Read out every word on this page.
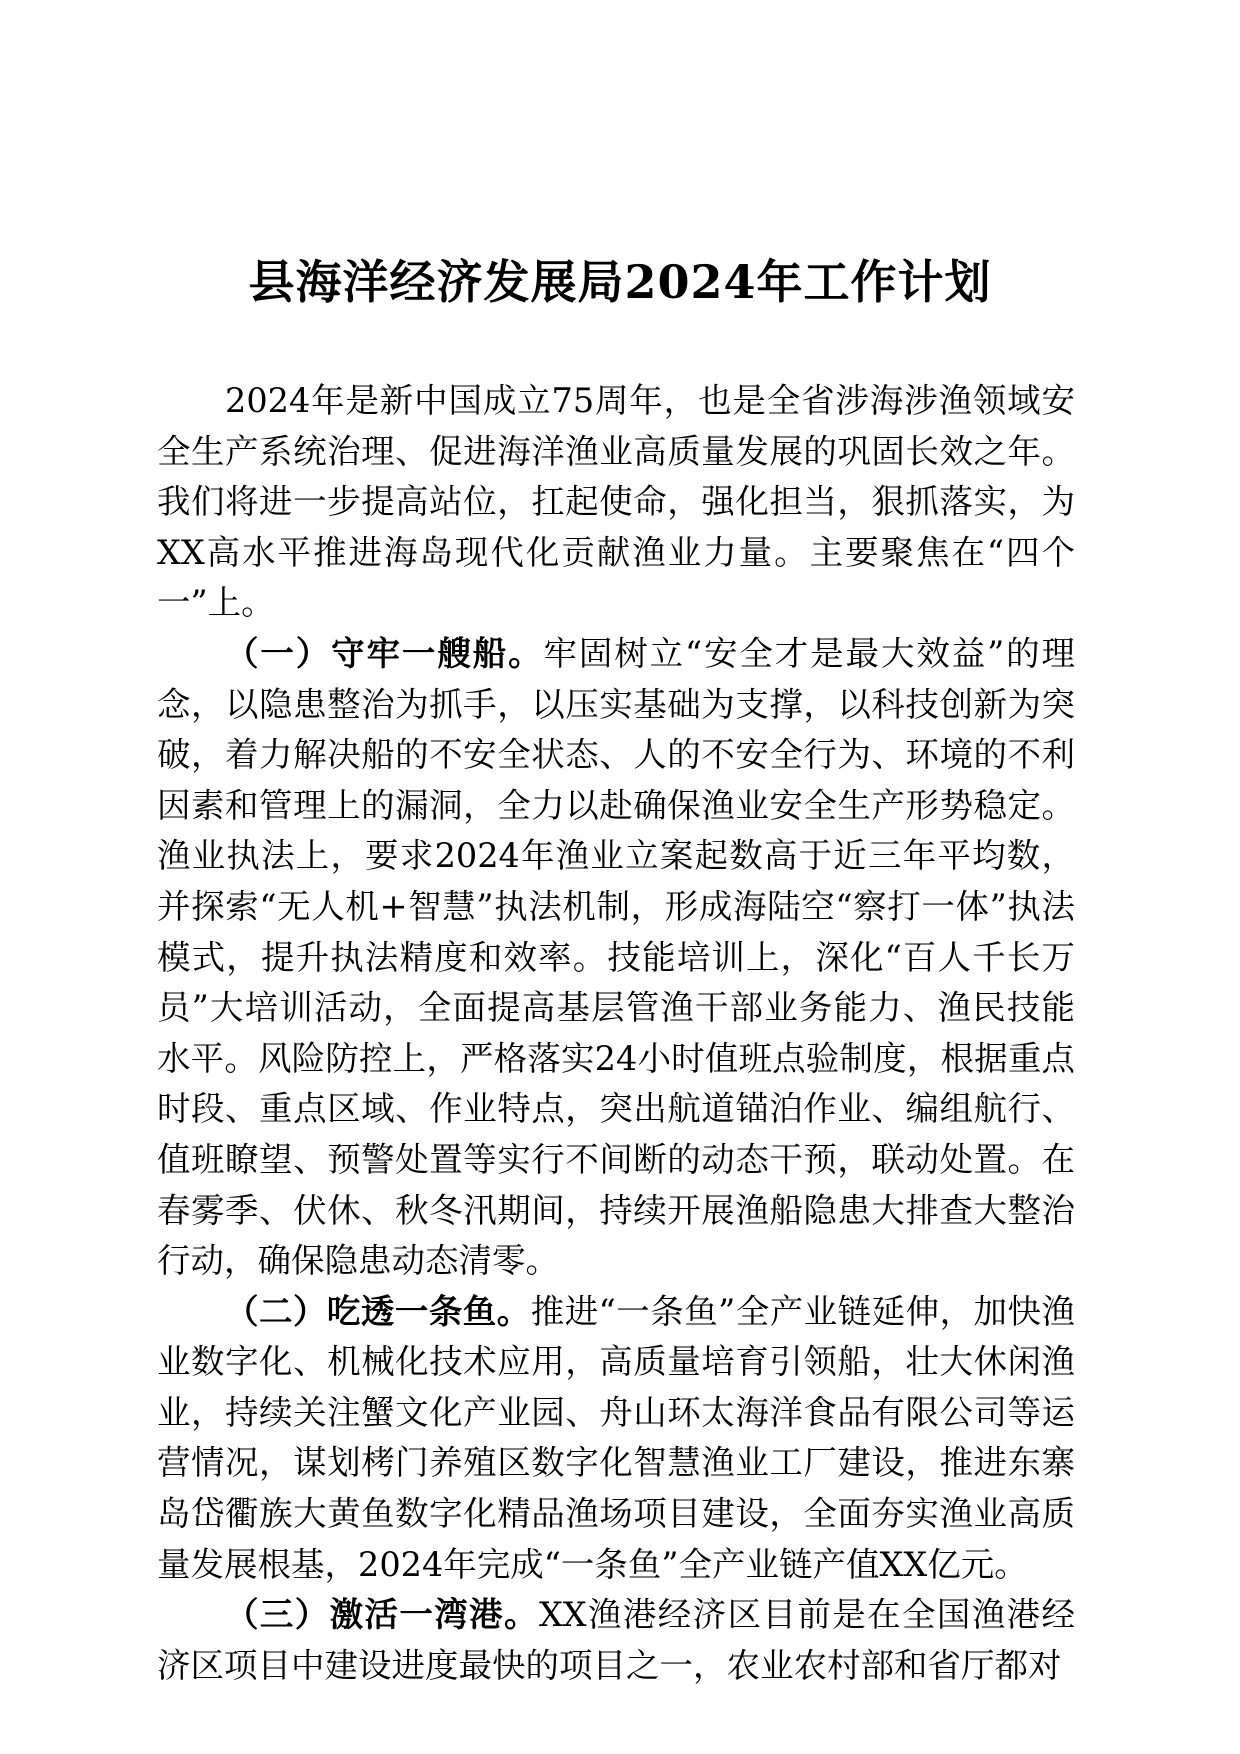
县海洋经济发展局2024年工作计划

2024年是新中国成立75周年，也是全省涉海涉渔领域安全生产系统治理、促进海洋渔业高质量发展的巩固长效之年。我们将进一步提高站位，扛起使命，强化担当，狠抓落实，为XX高水平推进海岛现代化贡献渔业力量。主要聚焦在“四个一”上。

（一）守牢一艘船。牢固树立“安全才是最大效益”的理念，以隐患整治为抓手，以压实基础为支撑，以科技创新为突破，着力解决船的不安全状态、人的不安全行为、环境的不利因素和管理上的漏洞，全力以赴确保渔业安全生产形势稳定。渔业执法上，要求2024年渔业立案起数高于近三年平均数，并探索“无人机+智慧”执法机制，形成海陆空“察打一体”执法模式，提升执法精度和效率。技能培训上，深化“百人千长万员”大培训活动，全面提高基层管渔干部业务能力、渔民技能水平。风险防控上，严格落实24小时值班点验制度，根据重点时段、重点区域、作业特点，突出航道锚泊作业、编组航行、值班瞭望、预警处置等实行不间断的动态干预，联动处置。在春雾季、伏休、秋冬汛期间，持续开展渔船隐患大排查大整治行动，确保隐患动态清零。

（二）吃透一条鱼。推进“一条鱼”全产业链延伸，加快渔业数字化、机械化技术应用，高质量培育引领船，壮大休闲渔业，持续关注蟹文化产业园、舟山环太海洋食品有限公司等运营情况，谋划栲门养殖区数字化智慧渔业工厂建设，推进东寨岛岱衢族大黄鱼数字化精品渔场项目建设，全面夯实渔业高质量发展根基，2024年完成“一条鱼”全产业链产值XX亿元。

（三）激活一湾港。XX渔港经济区目前是在全国渔港经济区项目中建设进度最快的项目之一，农业农村部和省厅都对
